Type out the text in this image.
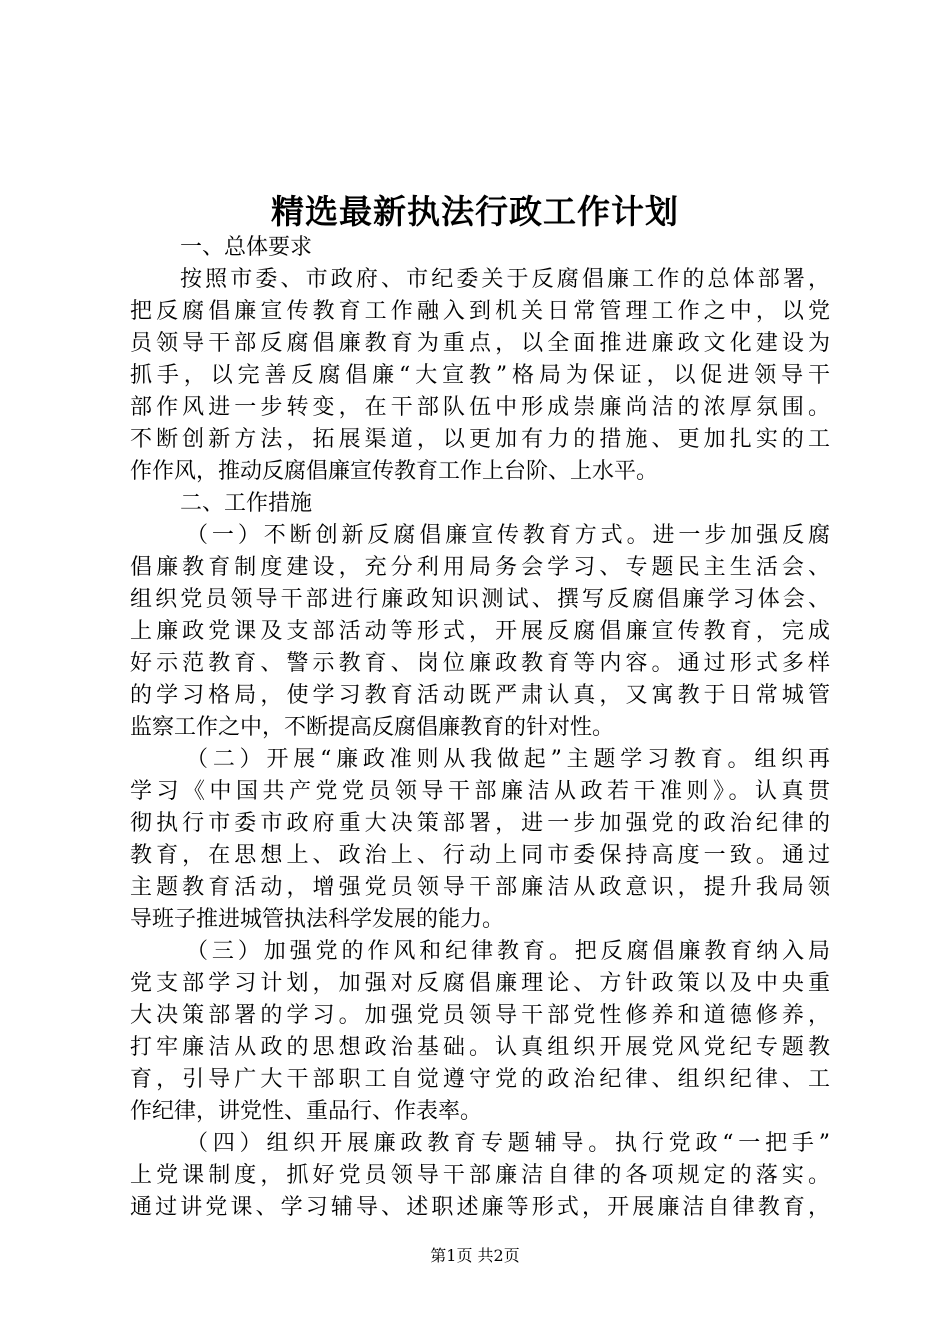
精选最新执法行政工作计划
一、总体要求
按照市委、市政府、市纪委关于反腐倡廉工作的总体部署，
把反腐倡廉宣传教育工作融入到机关日常管理工作之中，以党
员领导干部反腐倡廉教育为重点，以全面推进廉政文化建设为
抓手，以完善反腐倡廉“大宣教”格局为保证，以促进领导干
部作风进一步转变，在干部队伍中形成崇廉尚洁的浓厚氛围。
不断创新方法，拓展渠道，以更加有力的措施、更加扎实的工
作作风，推动反腐倡廉宣传教育工作上台阶、上水平。
二、工作措施
（一）不断创新反腐倡廉宣传教育方式。进一步加强反腐
倡廉教育制度建设，充分利用局务会学习、专题民主生活会、
组织党员领导干部进行廉政知识测试、撰写反腐倡廉学习体会、
上廉政党课及支部活动等形式，开展反腐倡廉宣传教育，完成
好示范教育、警示教育、岗位廉政教育等内容。通过形式多样
的学习格局，使学习教育活动既严肃认真，又寓教于日常城管
监察工作之中，不断提高反腐倡廉教育的针对性。
（二）开展“廉政准则从我做起”主题学习教育。组织再
学习《中国共产党党员领导干部廉洁从政若干准则》。认真贯
彻执行市委市政府重大决策部署，进一步加强党的政治纪律的
教育，在思想上、政治上、行动上同市委保持高度一致。通过
主题教育活动，增强党员领导干部廉洁从政意识，提升我局领
导班子推进城管执法科学发展的能力。
（三）加强党的作风和纪律教育。把反腐倡廉教育纳入局
党支部学习计划，加强对反腐倡廉理论、方针政策以及中央重
大决策部署的学习。加强党员领导干部党性修养和道德修养，
打牢廉洁从政的思想政治基础。认真组织开展党风党纪专题教
育，引导广大干部职工自觉遵守党的政治纪律、组织纪律、工
作纪律，讲党性、重品行、作表率。
（四）组织开展廉政教育专题辅导。执行党政“一把手”
上党课制度，抓好党员领导干部廉洁自律的各项规定的落实。
通过讲党课、学习辅导、述职述廉等形式，开展廉洁自律教育，
第1页 共2页
